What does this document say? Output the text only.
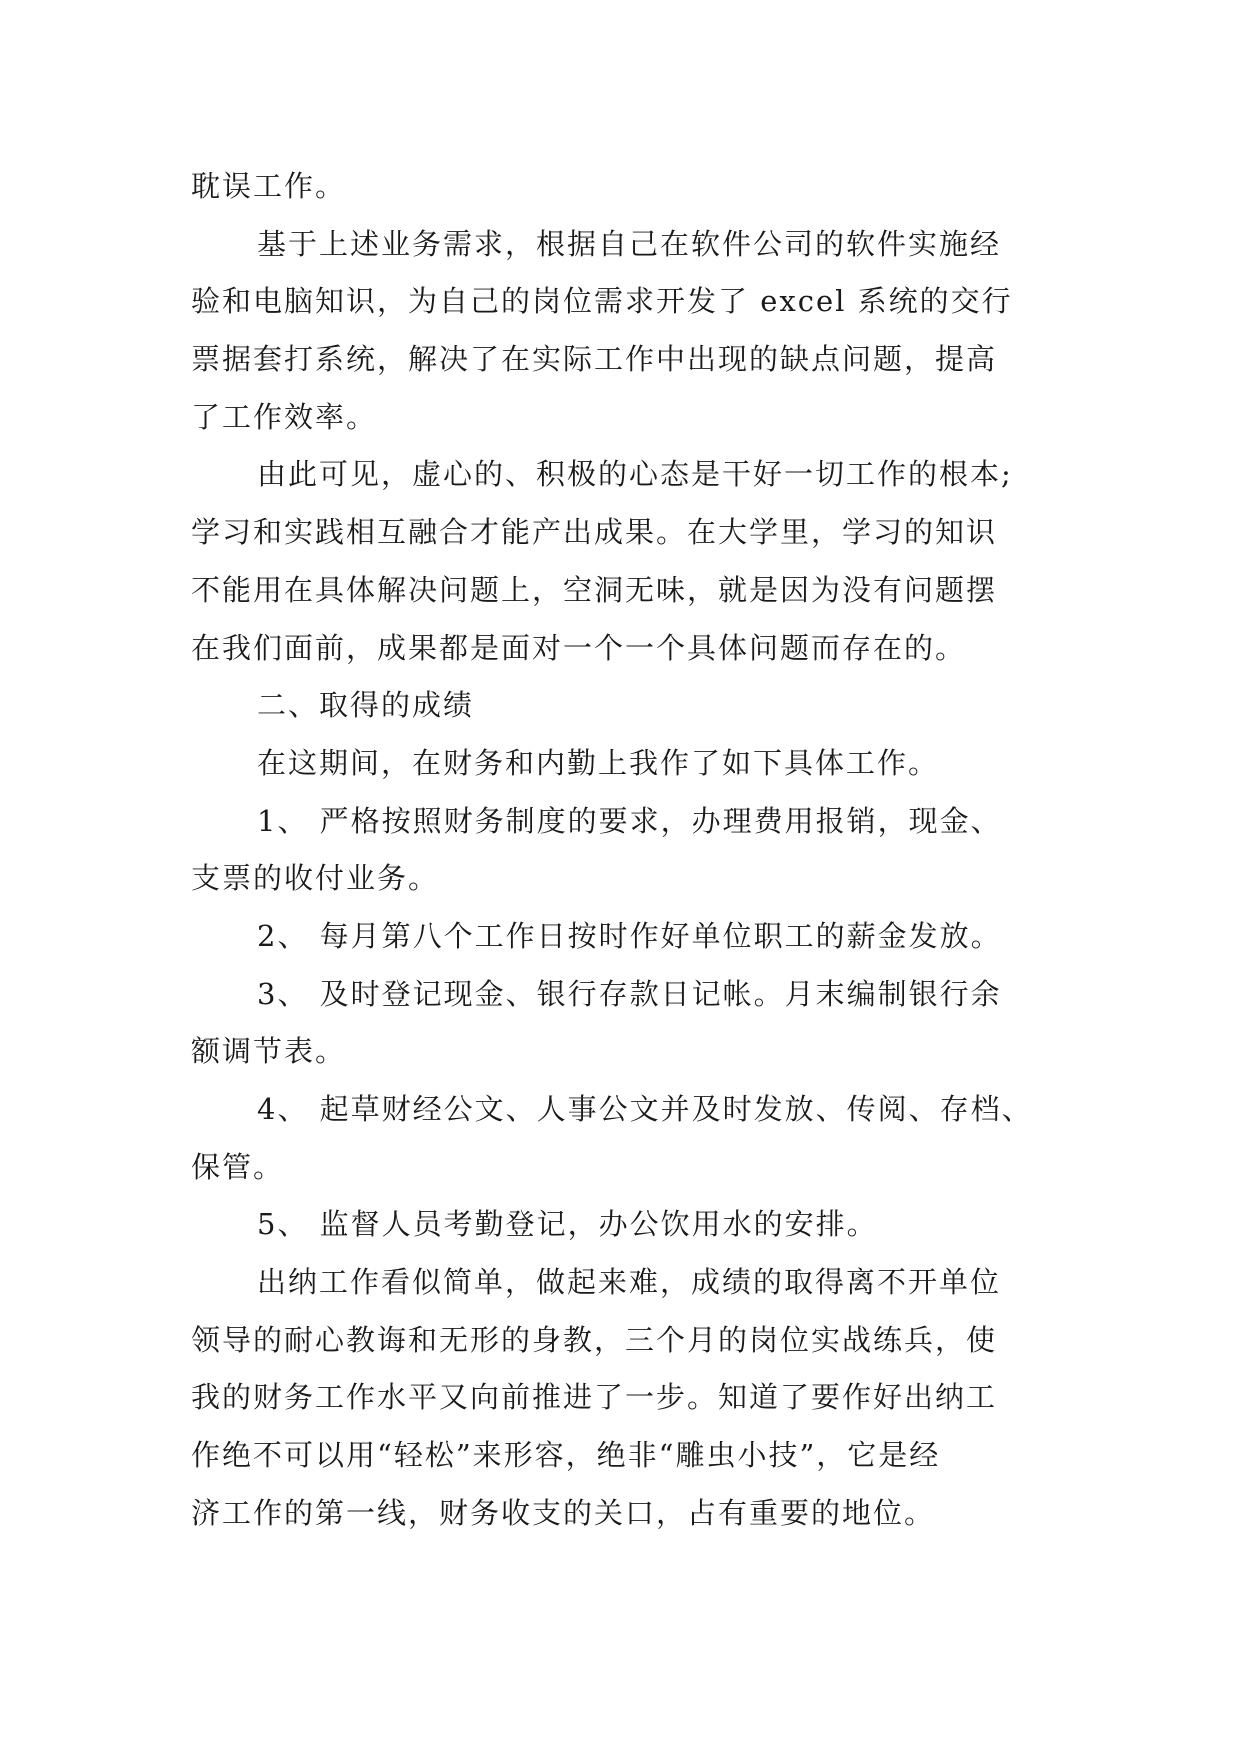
耽误工作。
基于上述业务需求，根据自己在软件公司的软件实施经
验和电脑知识，为自己的岗位需求开发了 excel 系统的交行
票据套打系统，解决了在实际工作中出现的缺点问题，提高
了工作效率。
由此可见，虚心的、积极的心态是干好一切工作的根本;
学习和实践相互融合才能产出成果。在大学里，学习的知识
不能用在具体解决问题上，空洞无味，就是因为没有问题摆
在我们面前，成果都是面对一个一个具体问题而存在的。
二、取得的成绩
在这期间，在财务和内勤上我作了如下具体工作。
1、 严格按照财务制度的要求，办理费用报销，现金、
支票的收付业务。
2、 每月第八个工作日按时作好单位职工的薪金发放。
3、 及时登记现金、银行存款日记帐。月末编制银行余
额调节表。
4、 起草财经公文、人事公文并及时发放、传阅、存档、
保管。
5、 监督人员考勤登记，办公饮用水的安排。
出纳工作看似简单，做起来难，成绩的取得离不开单位
领导的耐心教诲和无形的身教，三个月的岗位实战练兵，使
我的财务工作水平又向前推进了一步。知道了要作好出纳工
作绝不可以用“轻松”来形容，绝非“雕虫小技”，它是经
济工作的第一线，财务收支的关口，占有重要的地位。
